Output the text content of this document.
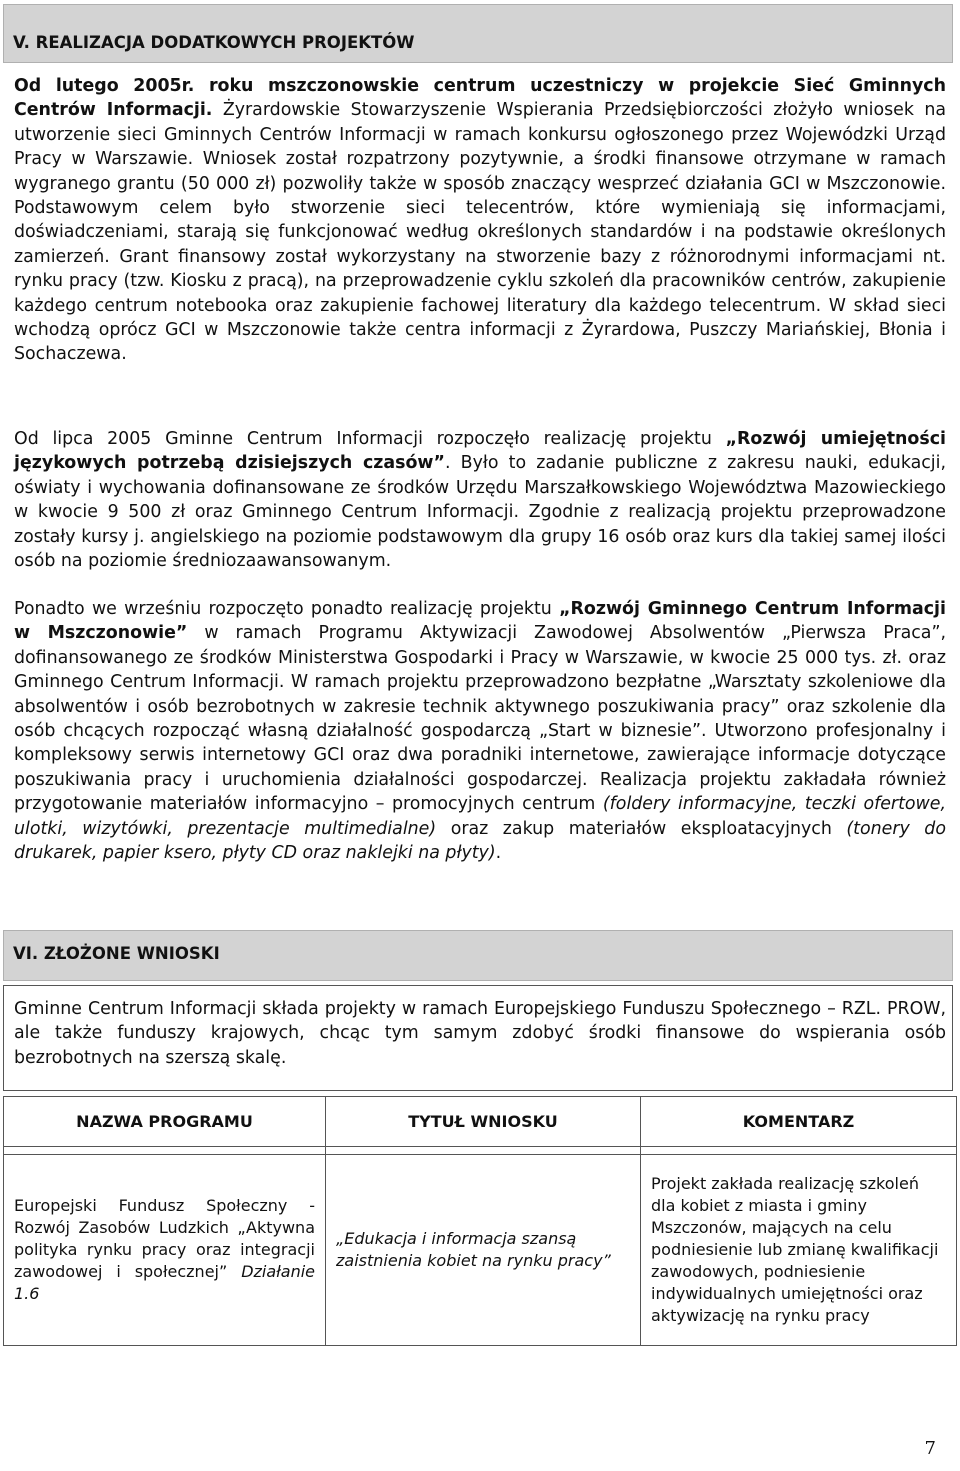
V. REALIZACJA DODATKOWYCH PROJEKTÓW

Od lutego 2005r. roku mszczonowskie centrum uczestniczy w projekcie Sieć Gminnych Centrów Informacji. Żyrardowskie Stowarzyszenie Wspierania Przedsiębiorczości złożyło wniosek na utworzenie sieci Gminnych Centrów Informacji w ramach konkursu ogłoszonego przez Wojewódzki Urząd Pracy w Warszawie. Wniosek został rozpatrzony pozytywnie, a środki finansowe otrzymane w ramach wygranego grantu (50 000 zł) pozwoliły także w sposób znaczący wesprzeć działania GCI w Mszczonowie. Podstawowym celem było stworzenie sieci telecentrów, które wymieniają się informacjami, doświadczeniami, starają się funkcjonować według określonych standardów i na podstawie określonych zamierzeń. Grant finansowy został wykorzystany na stworzenie bazy z różnorodnymi informacjami nt. rynku pracy (tzw. Kiosku z pracą), na przeprowadzenie cyklu szkoleń dla pracowników centrów, zakupienie każdego centrum notebooka oraz zakupienie fachowej literatury dla każdego telecentrum. W skład sieci wchodzą oprócz GCI w Mszczonowie także centra informacji z Żyrardowa, Puszczy Mariańskiej, Błonia i Sochaczewa.

Od lipca 2005 Gminne Centrum Informacji rozpoczęło realizację projektu „Rozwój umiejętności językowych potrzebą dzisiejszych czasów”. Było to zadanie publiczne z zakresu nauki, edukacji, oświaty i wychowania dofinansowane ze środków Urzędu Marszałkowskiego Województwa Mazowieckiego w kwocie 9 500 zł oraz Gminnego Centrum Informacji. Zgodnie z realizacją projektu przeprowadzone zostały kursy j. angielskiego na poziomie podstawowym dla grupy 16 osób oraz kurs dla takiej samej ilości osób na poziomie średniozaawansowanym.

Ponadto we wrześniu rozpoczęto ponadto realizację projektu „Rozwój Gminnego Centrum Informacji w Mszczonowie” w ramach Programu Aktywizacji Zawodowej Absolwentów „Pierwsza Praca”, dofinansowanego ze środków Ministerstwa Gospodarki i Pracy w Warszawie, w kwocie 25 000 tys. zł. oraz Gminnego Centrum Informacji. W ramach projektu przeprowadzono bezpłatne „Warsztaty szkoleniowe dla absolwentów i osób bezrobotnych w zakresie technik aktywnego poszukiwania pracy” oraz szkolenie dla osób chcących rozpocząć własną działalność gospodarczą „Start w biznesie”. Utworzono profesjonalny i kompleksowy serwis internetowy GCI oraz dwa poradniki internetowe, zawierające informacje dotyczące poszukiwania pracy i uruchomienia działalności gospodarczej. Realizacja projektu zakładała również przygotowanie materiałów informacyjno – promocyjnych centrum (foldery informacyjne, teczki ofertowe, ulotki, wizytówki, prezentacje multimedialne) oraz zakup materiałów eksploatacyjnych (tonery do drukarek, papier ksero, płyty CD oraz naklejki na płyty).

VI. ZŁOŻONE WNIOSKI

Gminne Centrum Informacji składa projekty w ramach Europejskiego Funduszu Społecznego – RZL. PROW, ale także funduszy krajowych, chcąc tym samym zdobyć środki finansowe do wspierania osób bezrobotnych na szerszą skalę.

NAZWA PROGRAMU	TYTUŁ WNIOSKU	KOMENTARZ

Europejski Fundusz Społeczny - Rozwój Zasobów Ludzkich „Aktywna polityka rynku pracy oraz integracji zawodowej i społecznej” Działanie 1.6	„Edukacja i informacja szansą zaistnienia kobiet na rynku pracy”	Projekt zakłada realizację szkoleń dla kobiet z miasta i gminy Mszczonów, mających na celu podniesienie lub zmianę kwalifikacji zawodowych, podniesienie indywidualnych umiejętności oraz aktywizację na rynku pracy
7
